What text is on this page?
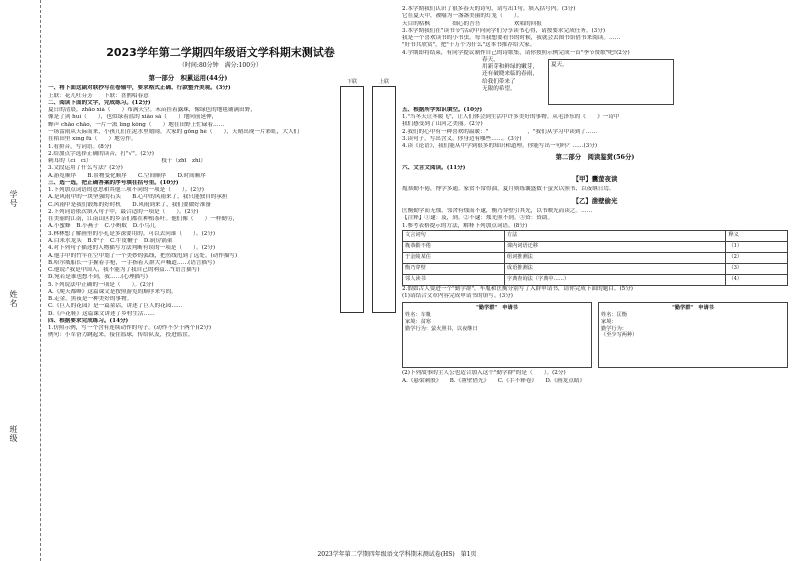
学号
姓名
班级
2023学年第二学期四年级语文学科期末测试卷
（时间:80分钟　满分:100分）
第一部分　积累运用(44分)

一、将下面这副对联抄写在卷轴中，要求格式正确、行款整齐美观。(3分)

上联：花儿吐芬芳　　下联：喜鹊唱春意

二、阅读下面的文字，完成练习。(12分)

夏日的清晨，zhāo xiá（　　）布满天空。禾苗挂着露珠，像绿色的地毯铺满田野，

像是了剑 huí（　　），也似绿着蓝的 xiǎo sǎ（　　）地向前延伸，

蝉声 chāo chāo，一片一派 líng kǒng（　　）地在田野上忙碌着……

一场雷雨从天际而来，小孩儿们在泥水里嬉闹。大家的 gōng hè（　　），天晴出现一片彩虹，大人们

在稻田里 xìng fú（　　）地劳作。

1.看拼音，写词语。(8分)

2.给加点字选择正确的读音，打"√"。(2分)

刺耳的（cì　cí）　　　　　　　　　　　　　枝干（zhī　zhǐ）

3.文段运用了什么写法？(2分)

A.游览顺序　　B.景物变化顺序　　C.空间顺序　　D.时间顺序

三、选一选，把正确答案的序号填在括号里。(10分)

1.下列加点词语的意思和其他三项不同的一项是（　　）。(2分)

A.是风雨中的一块坚强的石头　　B.心中的风雨来了，我只能独自的承担

C.风雨中是我们锻炼的好时机　　D.风雨到来了，我们要做好准备

2.下列词语依次填入句子中，最合适的一项是（　　）。(2分)

在美丽的江南，江南山区的乡亲们都在种植茶叶。他们像（　　）一样勤劳，

A.小蜜蜂　B.小燕子　C.小蚂蚁　D.小鸟儿

3.林林想了解画里的小孔是多深要用的。可以去问谁（　　）。(2分)

A.白米水龙头　B.炉子　C.牛皮鞭子　D.厨房锅架

4.对下列句子描述的人物描写方法判断有误的一项是（　　）。(2分)

A.他手中的竹竿在空中划了一个美妙的弧线，把鱼线甩到了远处。(动作描写)

B.哈尔威船长一手握着手枪，一手指着人群大声喊道……(语言描写)

C.他说:"我是中国人，我不能为了我自己的利益…"(语言描写)

D.宛若是谁也想不到，我……(心理描写)

5.下列说法中正确的一项是（　　）。(2分)

A.《爬天都峰》这篇课文是按照游览的顺序来写的。

B.走金，黑夜是一种美好的事物。

C.《巨人的花园》是一篇童话，讲述了巨人的花园……

D.《芦花鞋》这篇课文讲述了乡村生活……

四、根据要求完成练习。(14分)

1.仿照示例，写一个含有连续动作的句子。(动作不少于两个)(2分)

例句：小军奋力跳起来，接住篮球，传给队友，投进篮筐。

下联	上联

2.本学期我们认识了很多春天的诗句，请写出1句。填入括号内。(3分)

它在夏天中，被喻为一盏盏美丽的灯笼（　　）。

天目的枯枫　　　　细心的吾吾　　　　　　欢唱的回报

3.本学期我们在"读书节"活动中向同学们分享读书心得，请按要求完成任务。(3分)

我是一个喜欢读书的小书虫。每当我想要看书的时候，我就会去图书馆借书来阅读。……

"好书共欣赏"，把"十万个为什么"这本书推荐给大家。

4.学期即将结束，有同学提议制作自己的诗歌集，请你按照示例完成一首"季节赞歌"吧!(2分)

春天，

用新芽和鲜绿的嫩芽，

还有破晓来临的春雨，

给我们带来了

无限的希望。

夏天，

五、根据所学知识填空。(10分)

1."当冬天让冬暖飞"，让人们体会到生活中许多美好的事物。从毛泽东的《　　》一诗中

我们感受到了山河之美丽。(2分)

2.我们的心中有一种喜欢的温暖："　　　　　　　，"我们从学习中读到了……

3.读句子，写出含义。你身边有哪些……。(3分)

4.读《论语》，我们能从中学到很多的知识和道理。你能写出一句吗？……(3分)

第二部分　阅读鉴赏(56分)

六、文言文阅读。(11分)

【甲】囊萤夜读

胤恭勤不倦，博学多通。家贫不常得油，夏月则练囊盛数十萤火以照书，以夜继日焉。

【乙】凿壁偷光

匡衡勤学而无烛，邻舍有烛而不逮，衡乃穿壁引其光，以书映光而读之。……

【注释】①逮：及，到。②不逮：烛光照不到。③资：资助。

1.参考表格提示的方法，解释下列加点词语。(8分)

文言词句	方法	释义
胤恭勤不倦	课内词语迁移	（1）
于金陵某住	组词推测法	（2）
衡乃穿壁	成语推测法	（3）
邻人读书	字典查询法（字典中……）	（4）

2.假如古人要进一个"勤学群"，车胤和匡衡分别写了入群申请书，请你完成下面的题目。(5分)

(1)请结合文章内容完成申请书的填写。(3分)

"勤学群"　申请书

姓名：车胤

家境：贫寒

勤学行为：萤火照书，以夜继日

"勤学群"　申请书

姓名：匡衡

家境：

勤学行为：

（至少写两种）

(2)下列故事的主人公也适合加入这个"勤学群"的是（　　）。(2分)

A.《悬梁刺股》　　B.《凿壁借光》　　C.《手不释卷》　　D.《画龙点睛》

2023学年第二学期四年级语文学科期末测试卷(HS)　第1页
